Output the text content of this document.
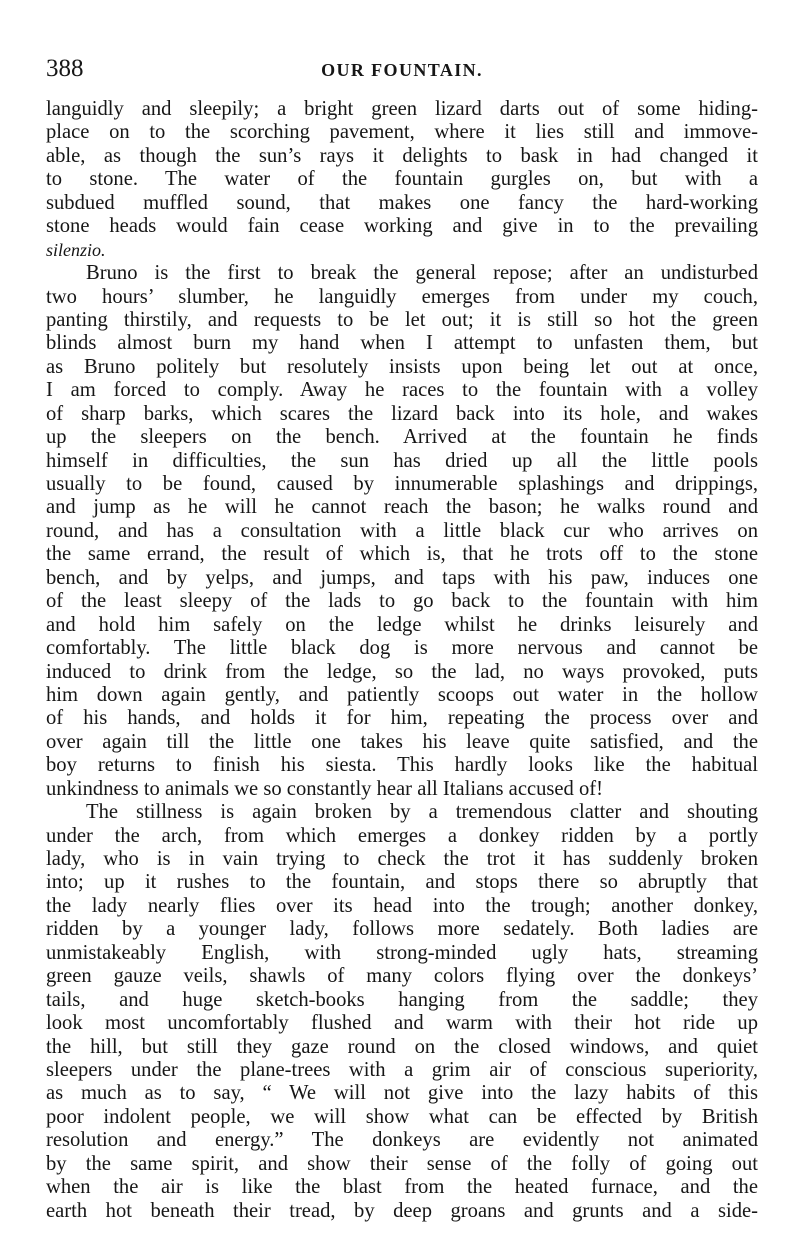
388	OUR FOUNTAIN.
languidly and sleepily; a bright green lizard darts out of some hiding-
place on to the scorching pavement, where it lies still and immove-
able, as though the sun’s rays it delights to bask in had changed it
to stone. The water of the fountain gurgles on, but with a
subdued muffled sound, that makes one fancy the hard-working
stone heads would fain cease working and give in to the prevailing
silenzio.
Bruno is the first to break the general repose; after an undisturbed
two hours’ slumber, he languidly emerges from under my couch,
panting thirstily, and requests to be let out; it is still so hot the green
blinds almost burn my hand when I attempt to unfasten them, but
as Bruno politely but resolutely insists upon being let out at once,
I am forced to comply. Away he races to the fountain with a volley
of sharp barks, which scares the lizard back into its hole, and wakes
up the sleepers on the bench. Arrived at the fountain he finds
himself in difficulties, the sun has dried up all the little pools
usually to be found, caused by innumerable splashings and drippings,
and jump as he will he cannot reach the bason; he walks round and
round, and has a consultation with a little black cur who arrives on
the same errand, the result of which is, that he trots off to the stone
bench, and by yelps, and jumps, and taps with his paw, induces one
of the least sleepy of the lads to go back to the fountain with him
and hold him safely on the ledge whilst he drinks leisurely and
comfortably. The little black dog is more nervous and cannot be
induced to drink from the ledge, so the lad, no ways provoked, puts
him down again gently, and patiently scoops out water in the hollow
of his hands, and holds it for him, repeating the process over and
over again till the little one takes his leave quite satisfied, and the
boy returns to finish his siesta. This hardly looks like the habitual
unkindness to animals we so constantly hear all Italians accused of!
The stillness is again broken by a tremendous clatter and shouting
under the arch, from which emerges a donkey ridden by a portly
lady, who is in vain trying to check the trot it has suddenly broken
into; up it rushes to the fountain, and stops there so abruptly that
the lady nearly flies over its head into the trough; another donkey,
ridden by a younger lady, follows more sedately. Both ladies are
unmistakeably English, with strong-minded ugly hats, streaming
green gauze veils, shawls of many colors flying over the donkeys’
tails, and huge sketch-books hanging from the saddle; they
look most uncomfortably flushed and warm with their hot ride up
the hill, but still they gaze round on the closed windows, and quiet
sleepers under the plane-trees with a grim air of conscious superiority,
as much as to say, “ We will not give into the lazy habits of this
poor indolent people, we will show what can be effected by British
resolution and energy.” The donkeys are evidently not animated
by the same spirit, and show their sense of the folly of going out
when the air is like the blast from the heated furnace, and the
earth hot beneath their tread, by deep groans and grunts and a side-
